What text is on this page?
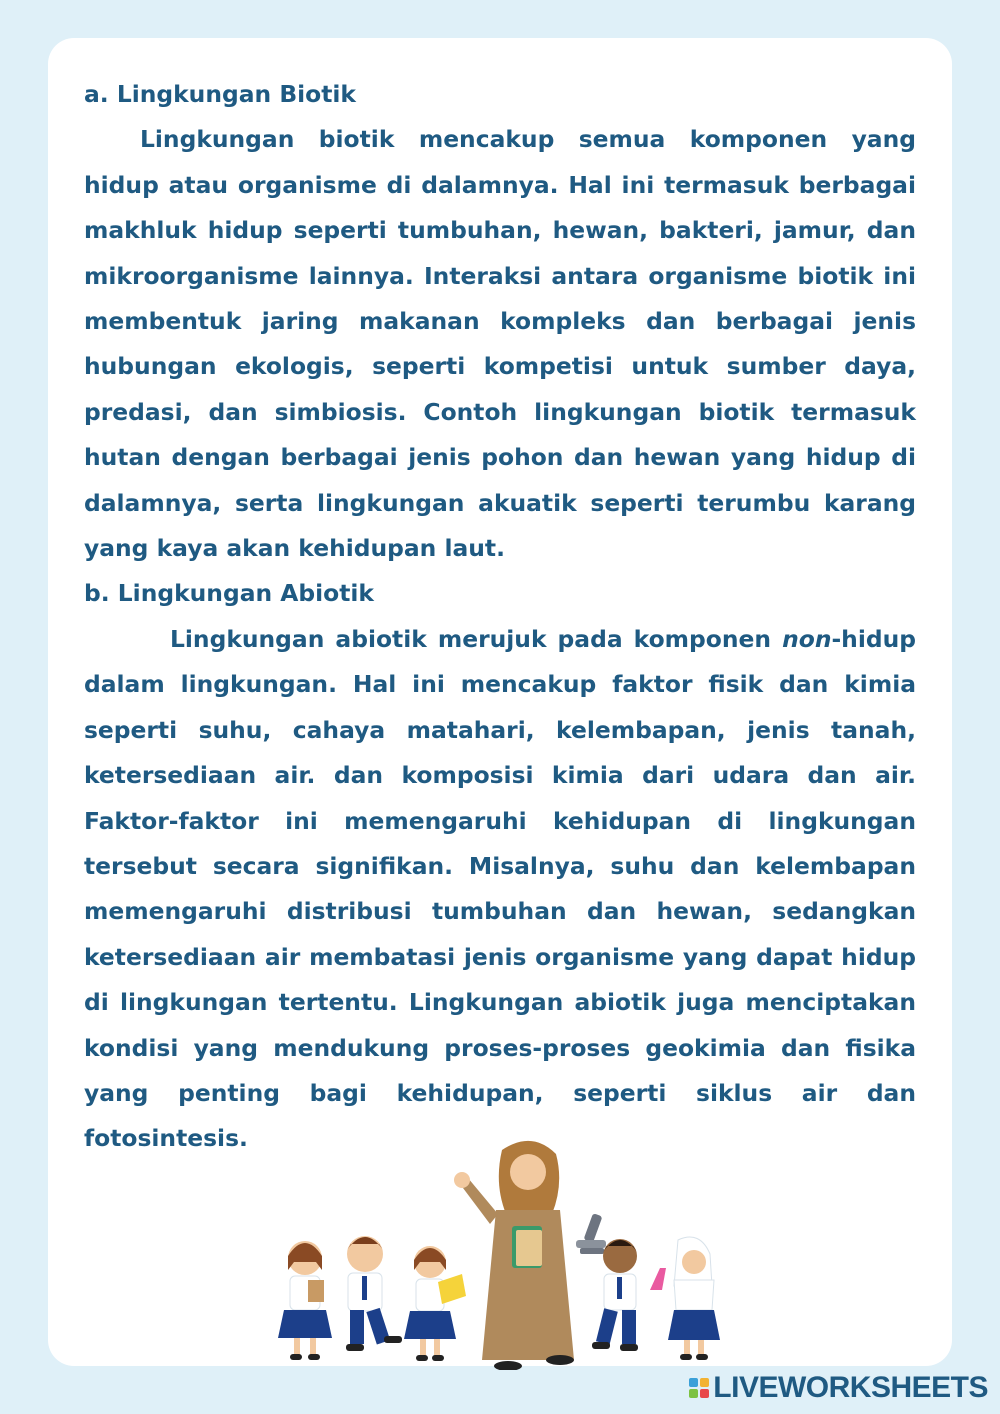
a. Lingkungan Biotik

Lingkungan biotik mencakup semua komponen yang hidup atau organisme di dalamnya. Hal ini termasuk berbagai makhluk hidup seperti tumbuhan, hewan, bakteri, jamur, dan mikroorganisme lainnya. Interaksi antara organisme biotik ini membentuk jaring makanan kompleks dan berbagai jenis hubungan ekologis, seperti kompetisi untuk sumber daya, predasi, dan simbiosis. Contoh lingkungan biotik termasuk hutan dengan berbagai jenis pohon dan hewan yang hidup di dalamnya, serta lingkungan akuatik seperti terumbu karang yang kaya akan kehidupan laut.

b. Lingkungan Abiotik

Lingkungan abiotik merujuk pada komponen non-hidup dalam lingkungan. Hal ini mencakup faktor fisik dan kimia seperti suhu, cahaya matahari, kelembapan, jenis tanah, ketersediaan air. dan komposisi kimia dari udara dan air. Faktor-faktor ini memengaruhi kehidupan di lingkungan tersebut secara signifikan. Misalnya, suhu dan kelembapan memengaruhi distribusi tumbuhan dan hewan, sedangkan ketersediaan air membatasi jenis organisme yang dapat hidup di lingkungan tertentu. Lingkungan abiotik juga menciptakan kondisi yang mendukung proses-proses geokimia dan fisika yang penting bagi kehidupan, seperti siklus air dan fotosintesis.

LIVEWORKSHEETS
